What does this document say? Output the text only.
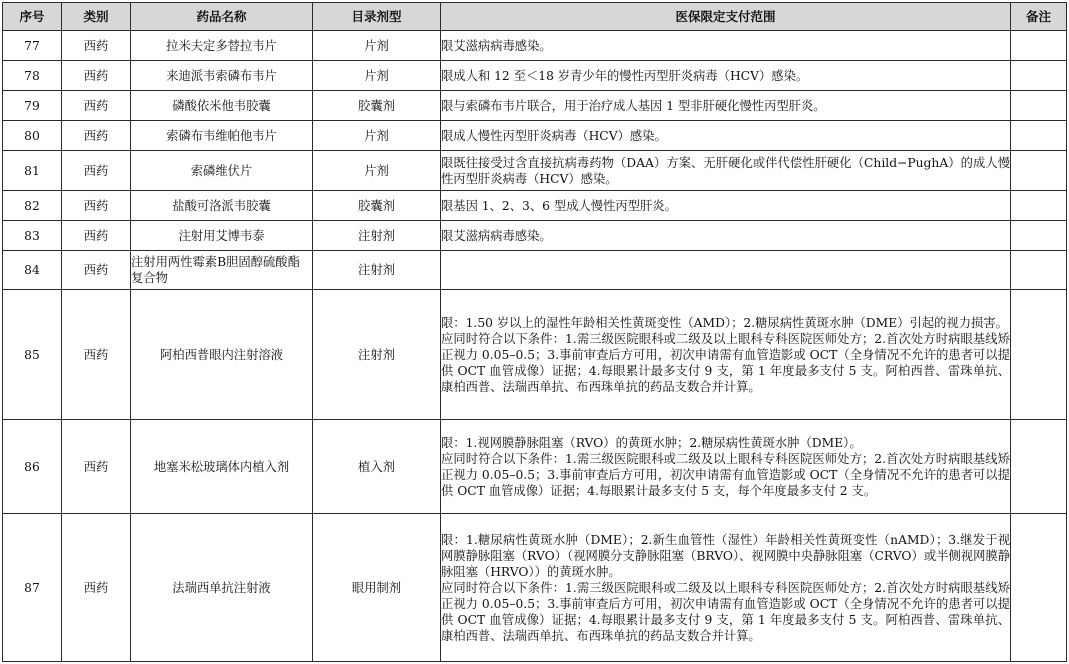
序号	类别	药品名称	目录剂型	医保限定支付范围	备注
77	西药	拉米夫定多替拉韦片	片剂	限艾滋病病毒感染。	

78	西药	来迪派韦索磷布韦片	片剂	限成人和 12 至＜18 岁青少年的慢性丙型肝炎病毒（HCV）感染。	

79	西药	磷酸依米他韦胶囊	胶囊剂	限与索磷布韦片联合，用于治疗成人基因 1 型非肝硬化慢性丙型肝炎。	

80	西药	索磷布韦维帕他韦片	片剂	限成人慢性丙型肝炎病毒（HCV）感染。	

81	西药	索磷维伏片	片剂	限既往接受过含直接抗病毒药物（DAA）方案、无肝硬化或伴代偿性肝硬化（Child−PughA）的成人慢性丙型肝炎病毒（HCV）感染。	

82	西药	盐酸可洛派韦胶囊	胶囊剂	限基因 1、2、3、6 型成人慢性丙型肝炎。	

83	西药	注射用艾博韦泰	注射剂	限艾滋病病毒感染。	

84	西药	注射用两性霉素B胆固醇硫酸酯复合物	注射剂		
85	西药	阿柏西普眼内注射溶液	注射剂	限：1.50 岁以上的湿性年龄相关性黄斑变性（AMD）；2.糖尿病性黄斑水肿（DME）引起的视力损害。
应同时符合以下条件：1.需三级医院眼科或二级及以上眼科专科医院医师处方；2.首次处方时病眼基线矫正视力 0.05–0.5；3.事前审查后方可用，初次申请需有血管造影或 OCT（全身情况不允许的患者可以提供 OCT 血管成像）证据；4.每眼累计最多支付 9 支，第 1 年度最多支付 5 支。阿柏西普、雷珠单抗、康柏西普、法瑞西单抗、布西珠单抗的药品支数合并计算。	

86	西药	地塞米松玻璃体内植入剂	植入剂	限：1.视网膜静脉阻塞（RVO）的黄斑水肿；2.糖尿病性黄斑水肿（DME）。
应同时符合以下条件：1.需三级医院眼科或二级及以上眼科专科医院医师处方；2.首次处方时病眼基线矫正视力 0.05–0.5；3.事前审查后方可用，初次申请需有血管造影或 OCT（全身情况不允许的患者可以提供 OCT 血管成像）证据；4.每眼累计最多支付 5 支，每个年度最多支付 2 支。	

87	西药	法瑞西单抗注射液	眼用制剂	限：1.糖尿病性黄斑水肿（DME）；2.新生血管性（湿性）年龄相关性黄斑变性（nAMD）；3.继发于视网膜静脉阻塞（RVO）（视网膜分支静脉阻塞（BRVO）、视网膜中央静脉阻塞（CRVO）或半侧视网膜静脉阻塞（HRVO））的黄斑水肿。
应同时符合以下条件：1.需三级医院眼科或二级及以上眼科专科医院医师处方；2.首次处方时病眼基线矫正视力 0.05–0.5；3.事前审查后方可用，初次申请需有血管造影或 OCT（全身情况不允许的患者可以提供 OCT 血管成像）证据；4.每眼累计最多支付 9 支，第 1 年度最多支付 5 支。阿柏西普、雷珠单抗、康柏西普、法瑞西单抗、布西珠单抗的药品支数合并计算。	
